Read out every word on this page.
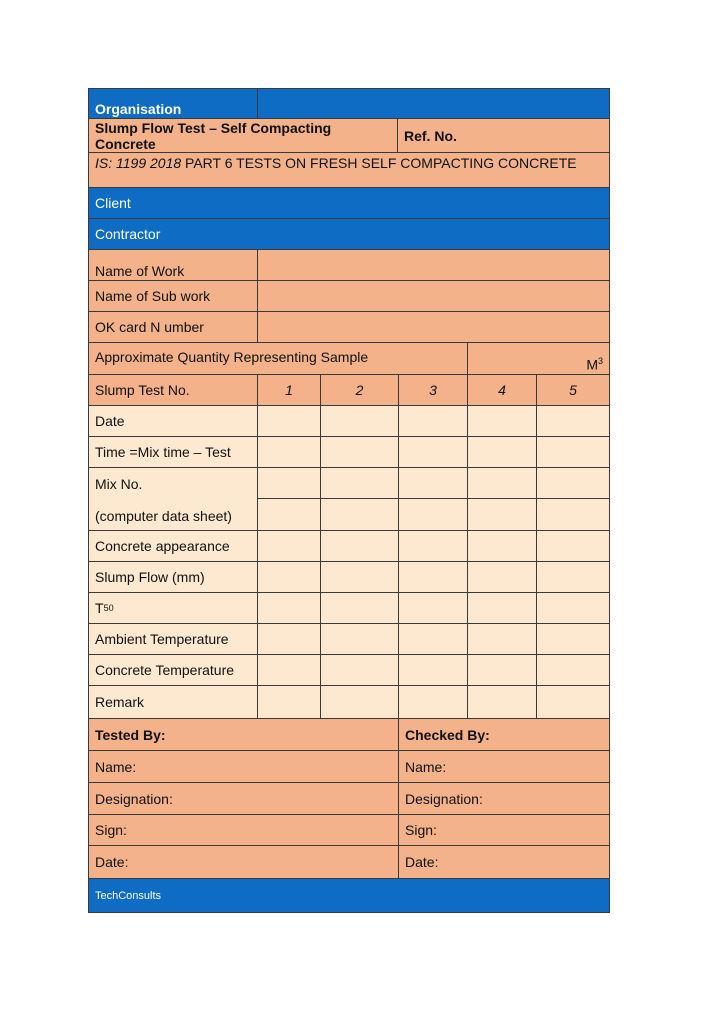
Organisation
Slump Flow Test – Self Compacting Concrete	Ref. No.
IS: 1199 2018 PART 6 TESTS ON FRESH SELF COMPACTING CONCRETE
Client
Contractor
Name of Work
Name of Sub work
OK card N umber
Approximate Quantity Representing Sample	$M^3$
Slump Test No.	1	2	3	4	5
Date
Time =Mix time – Test
Mix No.
(computer data sheet)
Concrete appearance
Slump Flow (mm)
T 50
Ambient Temperature
Concrete Temperature
Remark
Tested By:	Checked By:
Name:	Name:
Designation:	Designation:
Sign:	Sign:
Date:	Date:
TechConsults
